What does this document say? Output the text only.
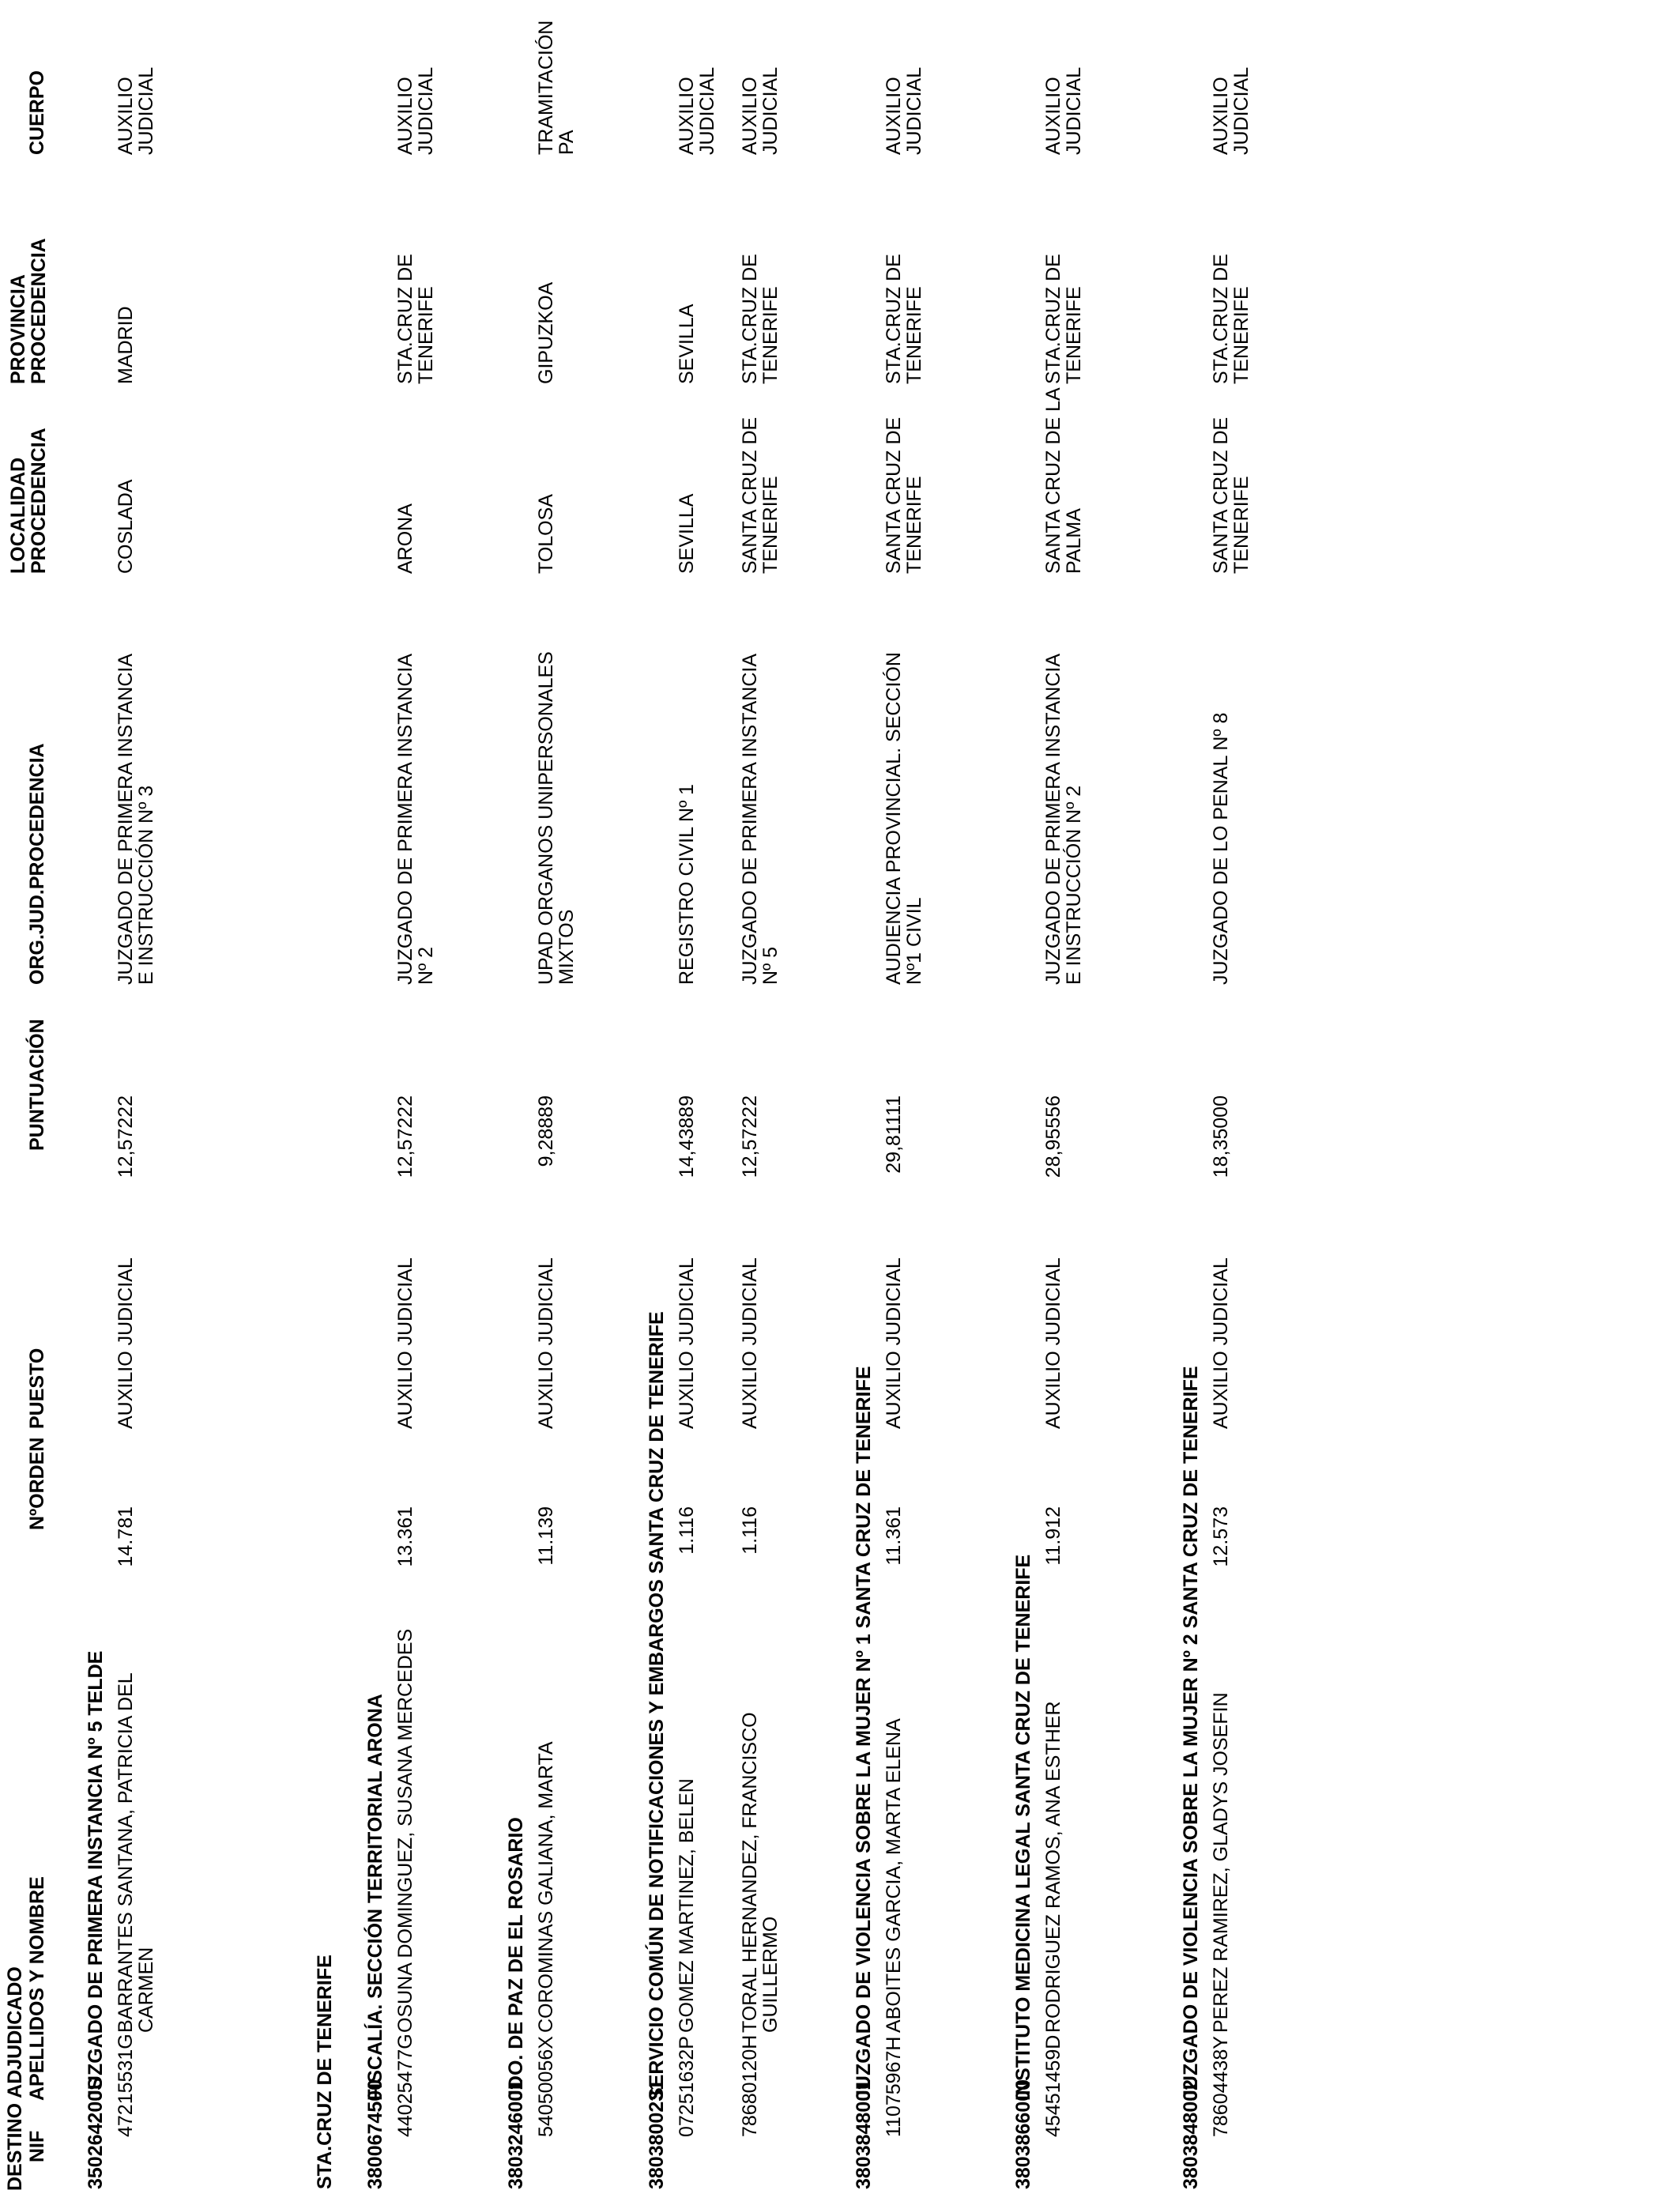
DESTINO ADJUDICADO NIF
APELLIDOS Y NOMBRE
NºORDEN
PUESTO
PUNTUACIÓN
ORG.JUD.PROCEDENCIA
LOCALIDAD
PROCEDENCIA
PROVINCIA
PROCEDENCIA
CUERPO
350264200S
JUZGADO DE PRIMERA INSTANCIA Nº 5 TELDE 47215531G
BARRANTES SANTANA, PATRICIA DEL CARMEN
14.781
AUXILIO JUDICIAL
12,57222
JUZGADO DE PRIMERA INSTANCIA E INSTRUCCIÓN Nº 3
COSLADA
MADRID
AUXILIO JUDICIAL
STA.CRUZ DE TENERIFE 3800674500
FISCALÍA. SECCIÓN TERRITORIAL ARONA 44025477G
OSUNA DOMINGUEZ, SUSANA MERCEDES
13.361
AUXILIO JUDICIAL
12,57222
JUZGADO DE PRIMERA INSTANCIA Nº 2
ARONA
STA.CRUZ DE TENERIFE
AUXILIO JUDICIAL
3803246001
JDO. DE PAZ DE EL ROSARIO 54050056X
COROMINAS GALIANA, MARTA
11.139
AUXILIO JUDICIAL
9,28889
UPAD ORGANOS UNIPERSONALES MIXTOS
TOLOSA
GIPUZKOA
TRAMITACIÓN PA
3803800231
SERVICIO COMÚN DE NOTIFICACIONES Y EMBARGOS SANTA CRUZ DE TENERIFE 07251632P
GOMEZ MARTINEZ, BELEN
1.116
AUXILIO JUDICIAL
14,43889
REGISTRO CIVIL Nº 1
SEVILLA
SEVILLA
AUXILIO JUDICIAL
78680120H
TORAL HERNANDEZ, FRANCISCO GUILLERMO
1.116
AUXILIO JUDICIAL
12,57222
JUZGADO DE PRIMERA INSTANCIA Nº 5
SANTA CRUZ DE TENERIFE
STA.CRUZ DE TENERIFE
AUXILIO JUDICIAL
3803848001
JUZGADO DE VIOLENCIA SOBRE LA MUJER Nº 1 SANTA CRUZ DE TENERIFE 11075967H
ABOITES GARCIA, MARTA ELENA
11.361
AUXILIO JUDICIAL
29,81111
AUDIENCIA PROVINCIAL. SECCIÓN Nº1 CIVIL
SANTA CRUZ DE TENERIFE
STA.CRUZ DE TENERIFE
AUXILIO JUDICIAL
3803866000
INSTITUTO MEDICINA LEGAL SANTA CRUZ DE TENERIFE 45451459D
RODRIGUEZ RAMOS, ANA ESTHER
11.912
AUXILIO JUDICIAL
28,95556
JUZGADO DE PRIMERA INSTANCIA E INSTRUCCIÓN Nº 2
SANTA CRUZ DE LA PALMA
STA.CRUZ DE TENERIFE
AUXILIO JUDICIAL
3803848002
JUZGADO DE VIOLENCIA SOBRE LA MUJER Nº 2 SANTA CRUZ DE TENERIFE 78604438Y
PEREZ RAMIREZ, GLADYS JOSEFIN
12.573
AUXILIO JUDICIAL
18,35000
JUZGADO DE LO PENAL Nº 8
SANTA CRUZ DE TENERIFE
STA.CRUZ DE TENERIFE
AUXILIO JUDICIAL
